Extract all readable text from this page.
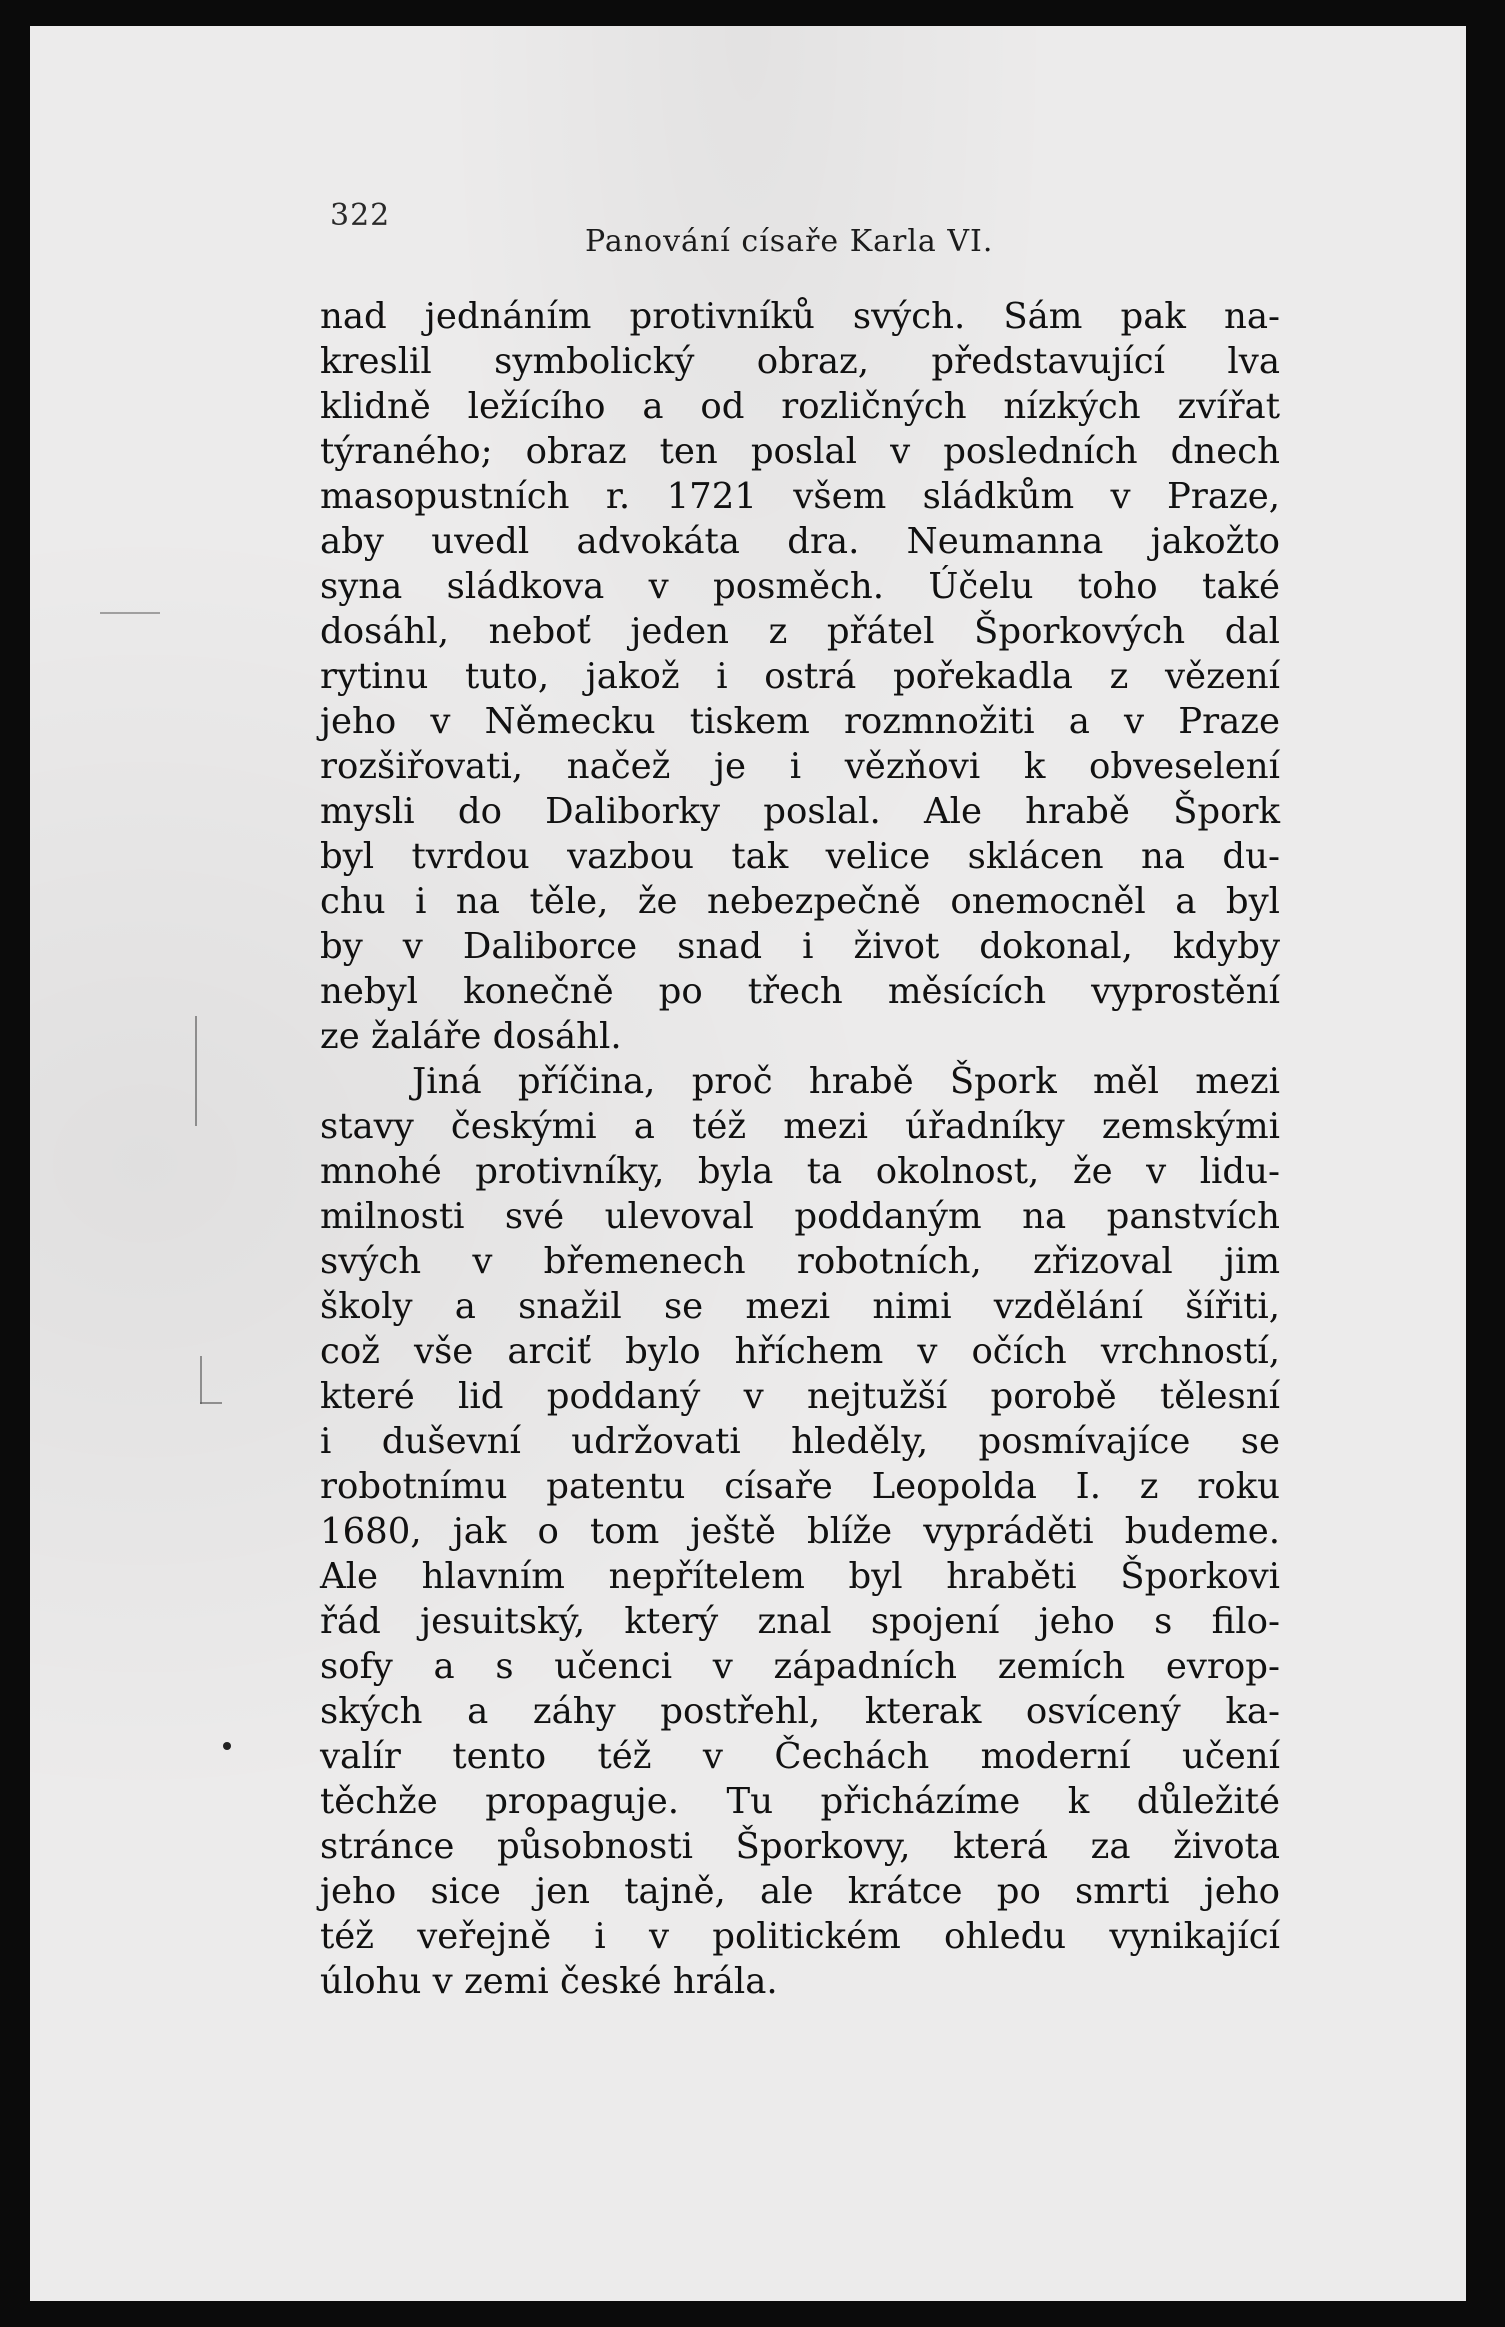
322
Panování císaře Karla VI.
nad jednáním protivníků svých. Sám pak na-
kreslil symbolický obraz, představující lva
klidně ležícího a od rozličných nízkých zvířat
týraného; obraz ten poslal v posledních dnech
masopustních r. 1721 všem sládkům v Praze,
aby uvedl advokáta dra. Neumanna jakožto
syna sládkova v posměch. Účelu toho také
dosáhl, neboť jeden z přátel Šporkových dal
rytinu tuto, jakož i ostrá pořekadla z vězení
jeho v Německu tiskem rozmnožiti a v Praze
rozšiřovati, načež je i vězňovi k obveselení
mysli do Daliborky poslal. Ale hrabě Špork
byl tvrdou vazbou tak velice sklácen na du-
chu i na těle, že nebezpečně onemocněl a byl
by v Daliborce snad i život dokonal, kdyby
nebyl konečně po třech měsících vyprostění
ze žaláře dosáhl.
Jiná příčina, proč hrabě Špork měl mezi
stavy českými a též mezi úřadníky zemskými
mnohé protivníky, byla ta okolnost, že v lidu-
milnosti své ulevoval poddaným na panstvích
svých v břemenech robotních, zřizoval jim
školy a snažil se mezi nimi vzdělání šířiti,
což vše arciť bylo hříchem v očích vrchností,
které lid poddaný v nejtužší porobě tělesní
i duševní udržovati hleděly, posmívajíce se
robotnímu patentu císaře Leopolda I. z roku
1680, jak o tom ještě blíže vypráděti budeme.
Ale hlavním nepřítelem byl hraběti Šporkovi
řád jesuitský, který znal spojení jeho s filo-
sofy a s učenci v západních zemích evrop-
ských a záhy postřehl, kterak osvícený ka-
valír tento též v Čechách moderní učení
těchže propaguje. Tu přicházíme k důležité
stránce působnosti Šporkovy, která za života
jeho sice jen tajně, ale krátce po smrti jeho
též veřejně i v politickém ohledu vynikající
úlohu v zemi české hrála.
